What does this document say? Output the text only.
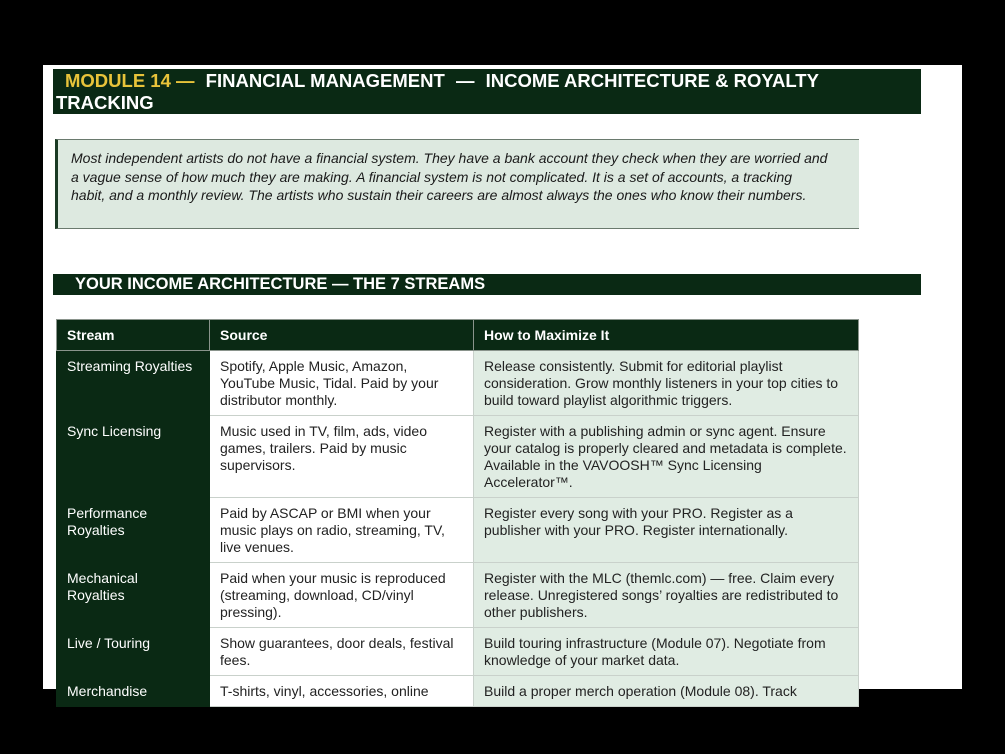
MODULE 14 — FINANCIAL MANAGEMENT — INCOME ARCHITECTURE & ROYALTY TRACKING
Most independent artists do not have a financial system. They have a bank account they check when they are worried and a vague sense of how much they are making. A financial system is not complicated. It is a set of accounts, a tracking habit, and a monthly review. The artists who sustain their careers are almost always the ones who know their numbers.
YOUR INCOME ARCHITECTURE — THE 7 STREAMS
Stream	Source	How to Maximize It
Streaming Royalties	Spotify, Apple Music, Amazon, YouTube Music, Tidal. Paid by your distributor monthly.	Release consistently. Submit for editorial playlist consideration. Grow monthly listeners in your top cities to build toward playlist algorithmic triggers.
Sync Licensing	Music used in TV, film, ads, video games, trailers. Paid by music supervisors.	Register with a publishing admin or sync agent. Ensure your catalog is properly cleared and metadata is complete. Available in the VAVOOSH™ Sync Licensing Accelerator™.
Performance Royalties	Paid by ASCAP or BMI when your music plays on radio, streaming, TV, live venues.	Register every song with your PRO. Register as a publisher with your PRO. Register internationally.
Mechanical Royalties	Paid when your music is reproduced (streaming, download, CD/vinyl pressing).	Register with the MLC (themlc.com) — free. Claim every release. Unregistered songs’ royalties are redistributed to other publishers.
Live / Touring	Show guarantees, door deals, festival fees.	Build touring infrastructure (Module 07). Negotiate from knowledge of your market data.
Merchandise	T-shirts, vinyl, accessories, online	Build a proper merch operation (Module 08). Track
